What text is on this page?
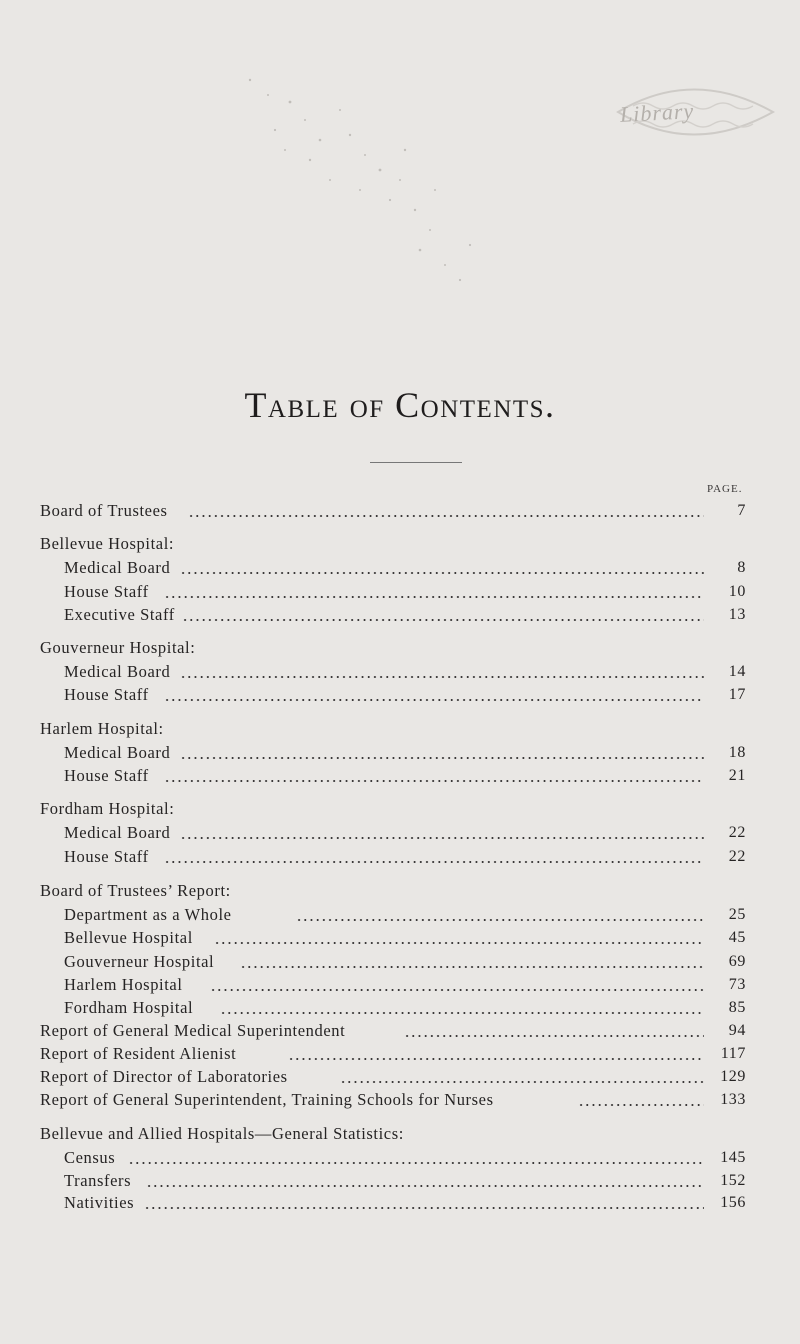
Library
Table of Contents.
PAGE.
Board of Trustees	7
Bellevue Hospital:
Medical Board	8
House Staff	10
Executive Staff	13
Gouverneur Hospital:
Medical Board	14
House Staff	17
Harlem Hospital:
Medical Board	18
House Staff	21
Fordham Hospital:
Medical Board	22
House Staff	22
Board of Trustees’ Report:
Department as a Whole	25
Bellevue Hospital	45
Gouverneur Hospital	69
Harlem Hospital	73
Fordham Hospital	85
Report of General Medical Superintendent	94
Report of Resident Alienist	117
Report of Director of Laboratories	129
Report of General Superintendent, Training Schools for Nurses	133
Bellevue and Allied Hospitals—General Statistics:
Census	145
Transfers	152
Nativities	156
